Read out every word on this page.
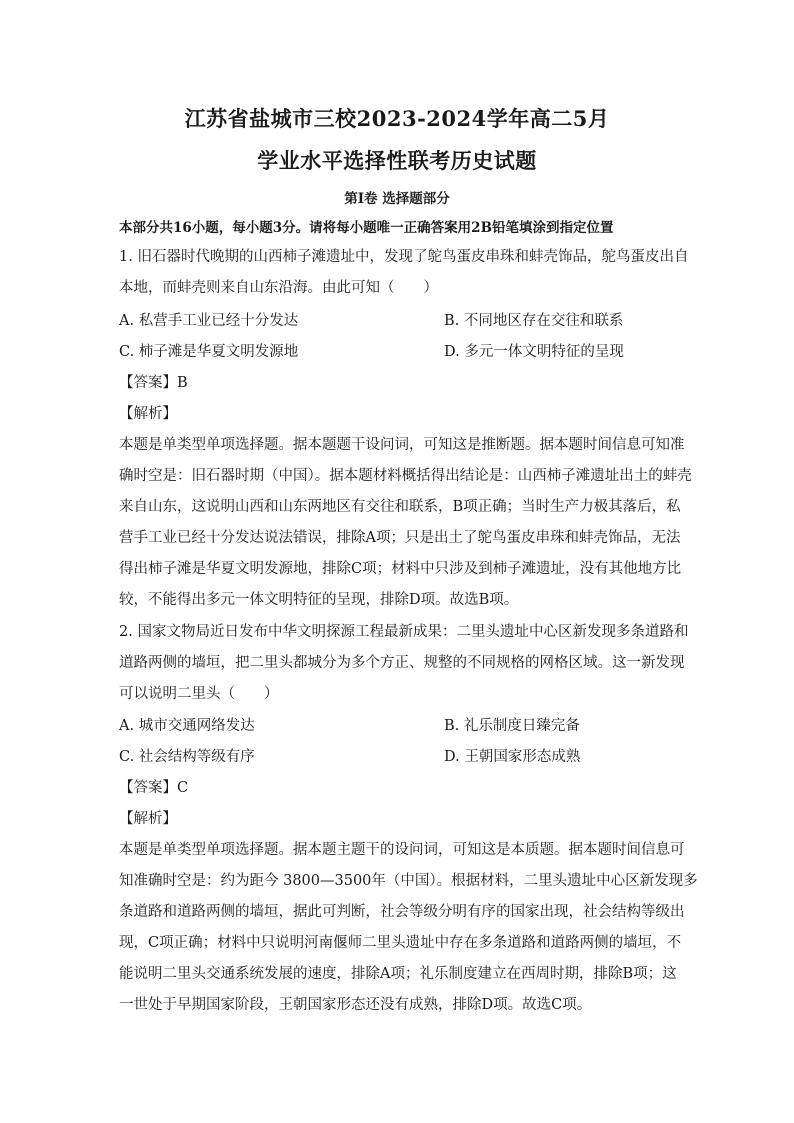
江苏省盐城市三校2023-2024学年高二5月
学业水平选择性联考历史试题
第Ⅰ卷 选择题部分
本部分共16小题，每小题3分。请将每小题唯一正确答案用2B铅笔填涂到指定位置
1. 旧石器时代晚期的山西柿子滩遗址中，发现了鸵鸟蛋皮串珠和蚌壳饰品，鸵鸟蛋皮出自
本地，而蚌壳则来自山东沿海。由此可知（　　）
A. 私营手工业已经十分发达	B. 不同地区存在交往和联系
C. 柿子滩是华夏文明发源地	D. 多元一体文明特征的呈现
【答案】B
【解析】
本题是单类型单项选择题。据本题题干设问词，可知这是推断题。据本题时间信息可知准
确时空是：旧石器时期（中国）。据本题材料概括得出结论是：山西柿子滩遗址出土的蚌壳
来自山东，这说明山西和山东两地区有交往和联系，B项正确；当时生产力极其落后，私
营手工业已经十分发达说法错误，排除A项；只是出土了鸵鸟蛋皮串珠和蚌壳饰品，无法
得出柿子滩是华夏文明发源地，排除C项；材料中只涉及到柿子滩遗址，没有其他地方比
较，不能得出多元一体文明特征的呈现，排除D项。故选B项。
2. 国家文物局近日发布中华文明探源工程最新成果：二里头遗址中心区新发现多条道路和
道路两侧的墙垣，把二里头都城分为多个方正、规整的不同规格的网格区域。这一新发现
可以说明二里头（　　）
A. 城市交通网络发达	B. 礼乐制度日臻完备
C. 社会结构等级有序	D. 王朝国家形态成熟
【答案】C
【解析】
本题是单类型单项选择题。据本题主题干的设问词，可知这是本质题。据本题时间信息可
知准确时空是：约为距今 3800—3500年（中国）。根据材料，二里头遗址中心区新发现多
条道路和道路两侧的墙垣，据此可判断，社会等级分明有序的国家出现，社会结构等级出
现，C项正确；材料中只说明河南偃师二里头遗址中存在多条道路和道路两侧的墙垣，不
能说明二里头交通系统发展的速度，排除A项；礼乐制度建立在西周时期，排除B项；这
一世处于早期国家阶段，王朝国家形态还没有成熟，排除D项。故选C项。
